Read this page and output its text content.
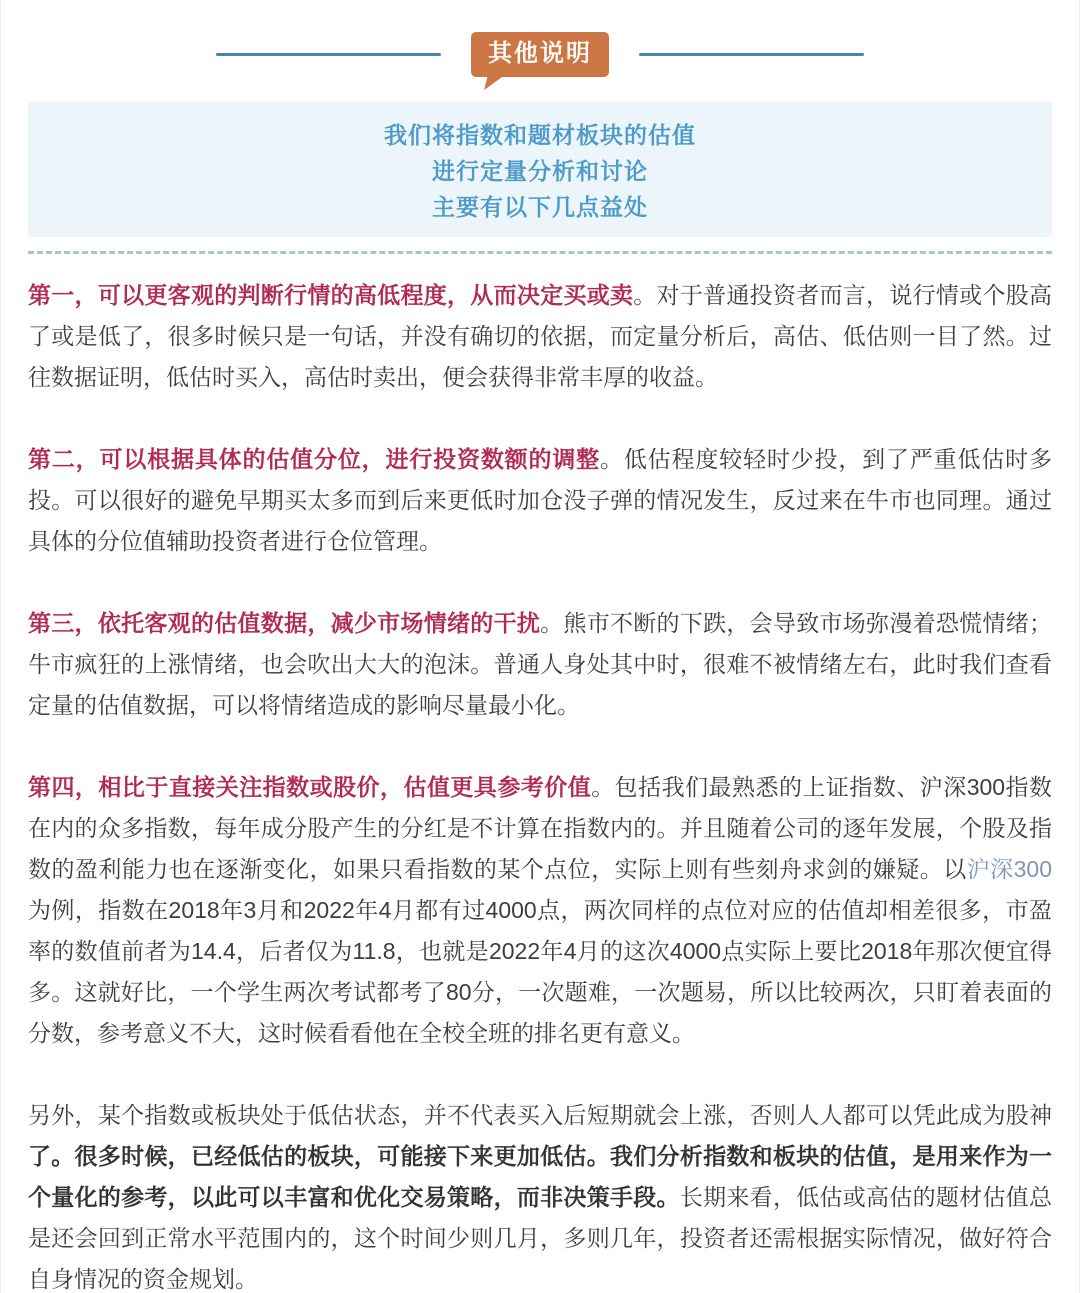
其他说明
我们将指数和题材板块的估值
进行定量分析和讨论
主要有以下几点益处

第一，可以更客观的判断行情的高低程度，从而决定买或卖。对于普通投资者而言，说行情或个股高了或是低了，很多时候只是一句话，并没有确切的依据，而定量分析后，高估、低估则一目了然。过往数据证明，低估时买入，高估时卖出，便会获得非常丰厚的收益。

第二，可以根据具体的估值分位，进行投资数额的调整。低估程度较轻时少投，到了严重低估时多投。可以很好的避免早期买太多而到后来更低时加仓没子弹的情况发生，反过来在牛市也同理。通过具体的分位值辅助投资者进行仓位管理。

第三，依托客观的估值数据，减少市场情绪的干扰。熊市不断的下跌，会导致市场弥漫着恐慌情绪；牛市疯狂的上涨情绪，也会吹出大大的泡沫。普通人身处其中时，很难不被情绪左右，此时我们查看定量的估值数据，可以将情绪造成的影响尽量最小化。

第四，相比于直接关注指数或股价，估值更具参考价值。包括我们最熟悉的上证指数、沪深300指数在内的众多指数，每年成分股产生的分红是不计算在指数内的。并且随着公司的逐年发展，个股及指数的盈利能力也在逐渐变化，如果只看指数的某个点位，实际上则有些刻舟求剑的嫌疑。以沪深300为例，指数在2018年3月和2022年4月都有过4000点，两次同样的点位对应的估值却相差很多，市盈率的数值前者为14.4，后者仅为11.8，也就是2022年4月的这次4000点实际上要比2018年那次便宜得多。这就好比，一个学生两次考试都考了80分，一次题难，一次题易，所以比较两次，只盯着表面的分数，参考意义不大，这时候看看他在全校全班的排名更有意义。

另外，某个指数或板块处于低估状态，并不代表买入后短期就会上涨，否则人人都可以凭此成为股神了。很多时候，已经低估的板块，可能接下来更加低估。我们分析指数和板块的估值，是用来作为一个量化的参考，以此可以丰富和优化交易策略，而非决策手段。长期来看，低估或高估的题材估值总是还会回到正常水平范围内的，这个时间少则几月，多则几年，投资者还需根据实际情况，做好符合自身情况的资金规划。
